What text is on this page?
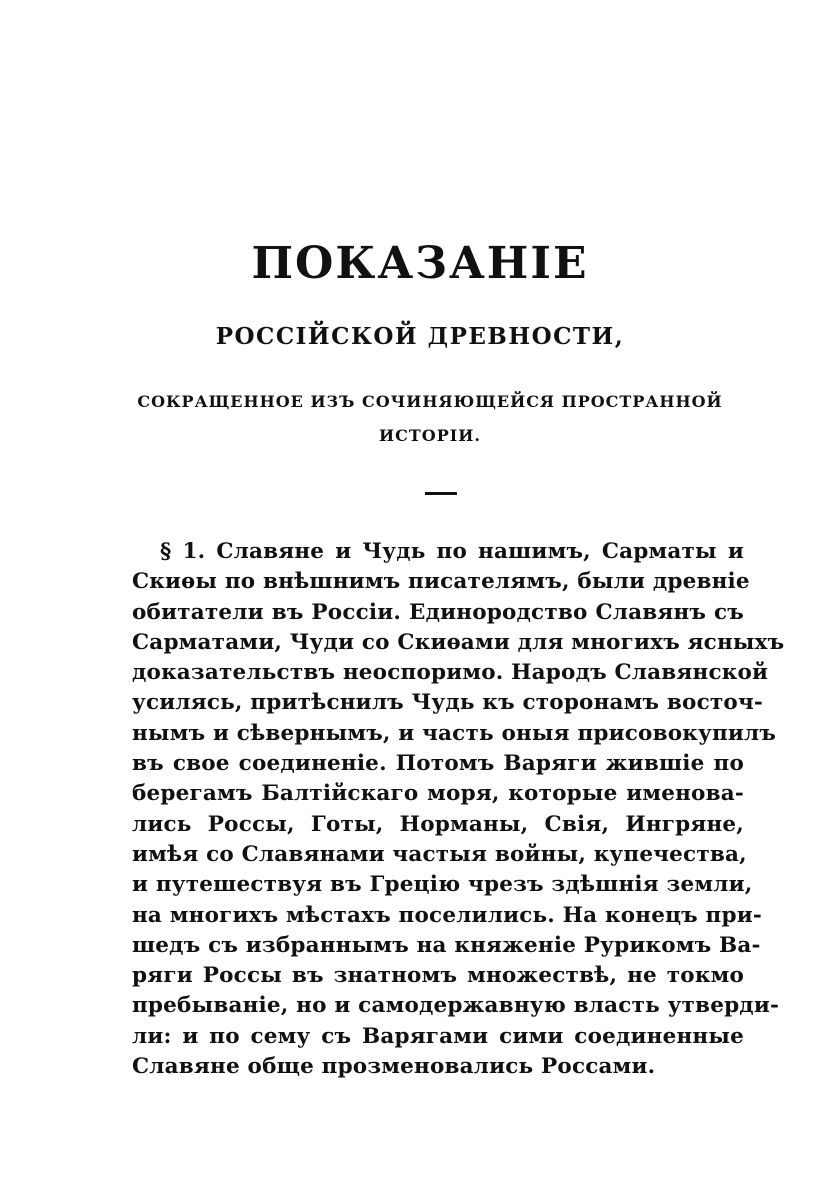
ПОКАЗАНІЕ
РОССІЙСКОЙ ДРЕВНОСТИ,
СОКРАЩЕННОЕ ИЗЪ СОЧИНЯЮЩЕЙСЯ ПРОСТРАННОЙ
ИСТОРІИ.
§ 1. Славяне и Чудь по нашимъ, Сарматы и
Скиѳы по внѣшнимъ писателямъ, были древніе
обитатели въ Россіи. Единородство Славянъ съ
Сарматами, Чуди со Скиѳами для многихъ ясныхъ
доказательствъ неоспоримо. Народъ Славянской
усилясь, притѣснилъ Чудь къ сторонамъ восточ-
нымъ и сѣвернымъ, и часть оныя присовокупилъ
въ свое соединеніе. Потомъ Варяги жившіе по
берегамъ Балтійскаго моря, которые именова-
лись Россы, Готы, Норманы, Свія, Ингряне,
имѣя со Славянами частыя войны, купечества,
и путешествуя въ Грецію чрезъ здѣшнія земли,
на многихъ мѣстахъ поселились. На конецъ при-
шедъ съ избраннымъ на княженіе Рурикомъ Ва-
ряги Россы въ знатномъ множествѣ, не токмо
пребываніе, но и самодержавную власть утверди-
ли: и по сему съ Варягами сими соединенные
Славяне обще прозменовались Россами.
